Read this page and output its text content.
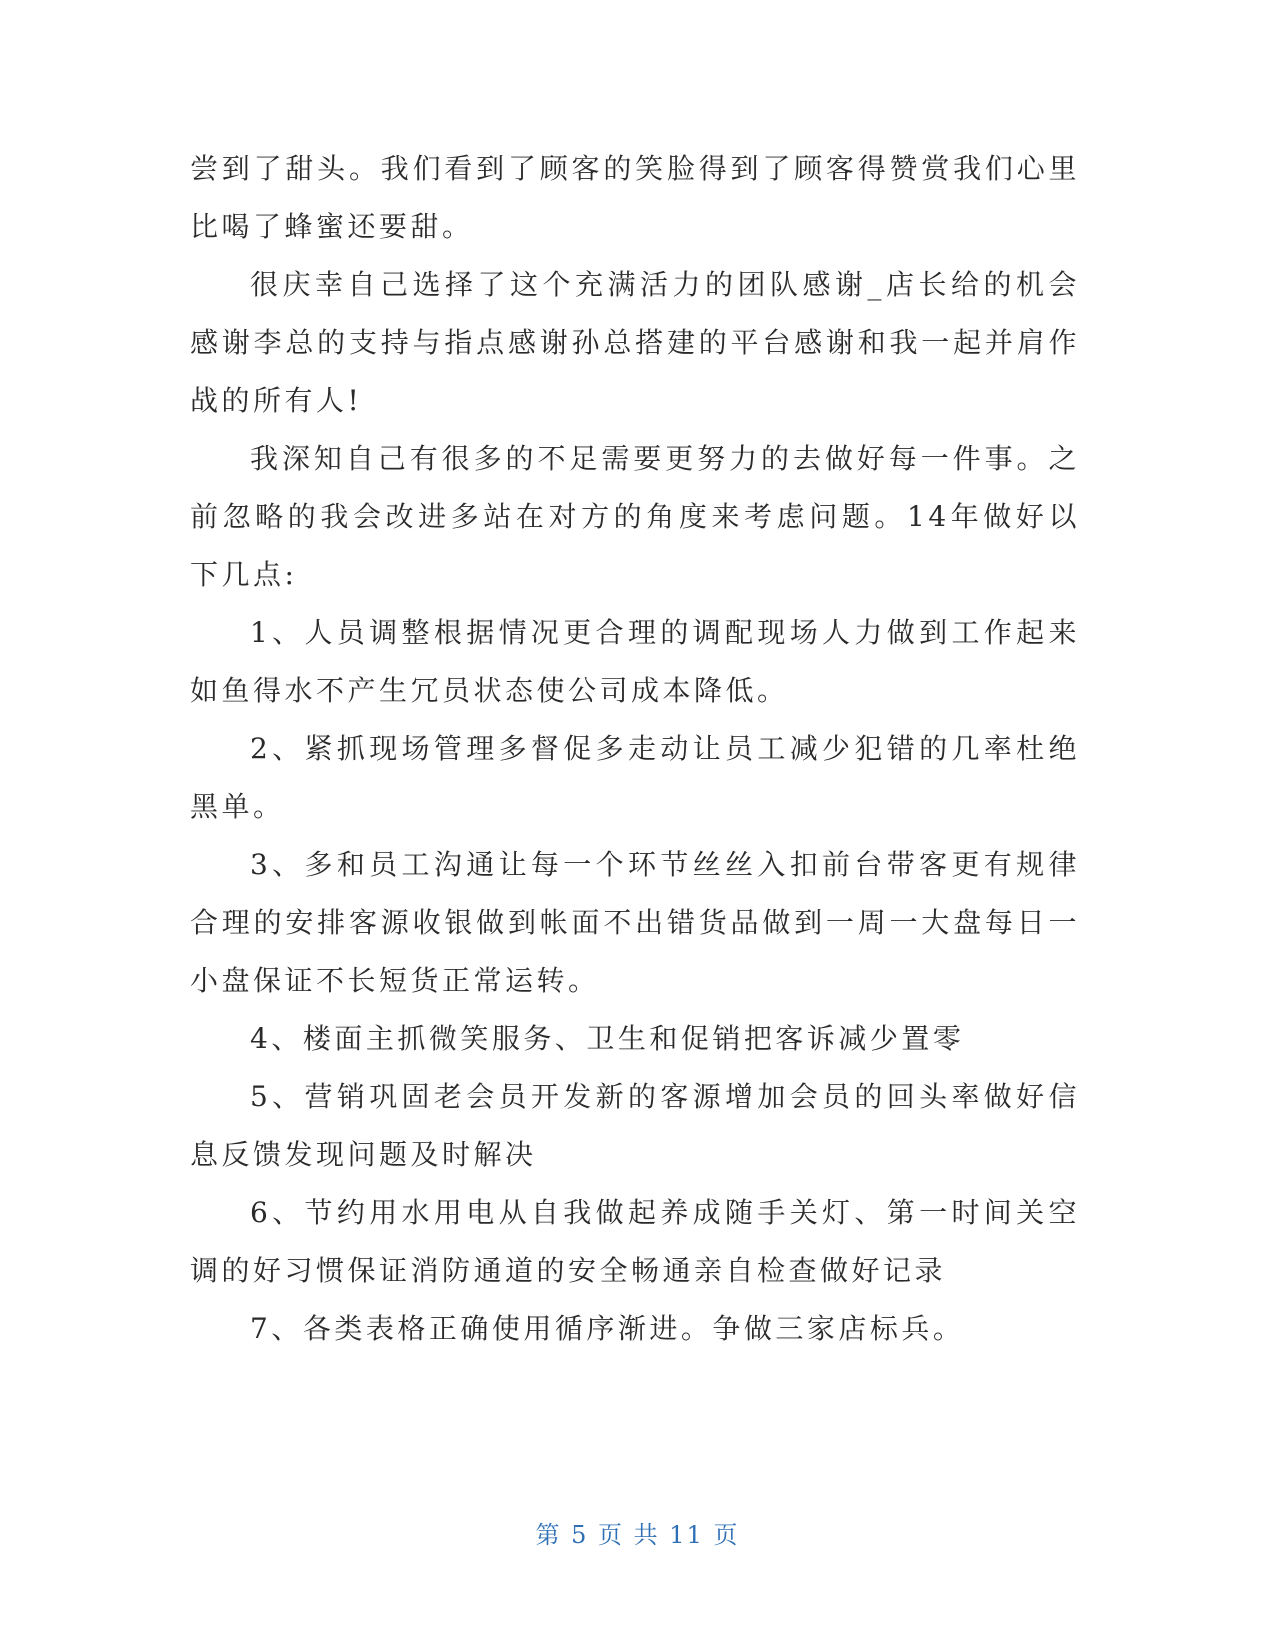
尝到了甜头。我们看到了顾客的笑脸得到了顾客得赞赏我们心里比喝了蜂蜜还要甜。

很庆幸自己选择了这个充满活力的团队感谢_店长给的机会感谢李总的支持与指点感谢孙总搭建的平台感谢和我一起并肩作战的所有人!

我深知自己有很多的不足需要更努力的去做好每一件事。之前忽略的我会改进多站在对方的角度来考虑问题。14年做好以下几点:

1、人员调整根据情况更合理的调配现场人力做到工作起来如鱼得水不产生冗员状态使公司成本降低。

2、紧抓现场管理多督促多走动让员工减少犯错的几率杜绝黑单。

3、多和员工沟通让每一个环节丝丝入扣前台带客更有规律合理的安排客源收银做到帐面不出错货品做到一周一大盘每日一小盘保证不长短货正常运转。

4、楼面主抓微笑服务、卫生和促销把客诉减少置零

5、营销巩固老会员开发新的客源增加会员的回头率做好信息反馈发现问题及时解决

6、节约用水用电从自我做起养成随手关灯、第一时间关空调的好习惯保证消防通道的安全畅通亲自检查做好记录

7、各类表格正确使用循序渐进。争做三家店标兵。

第 5 页 共 11 页
